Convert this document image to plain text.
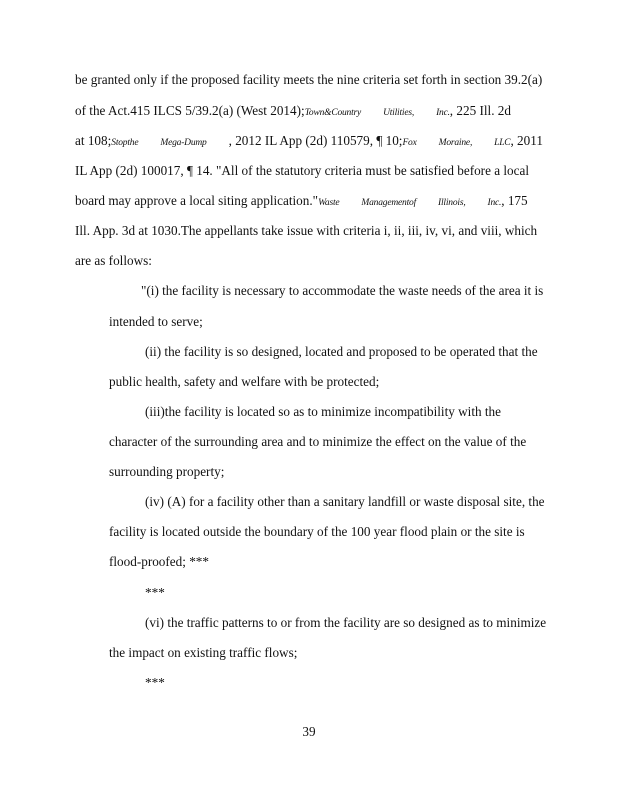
be granted only if the proposed facility meets the nine criteria set forth in section 39.2(a)
of the Act.415 ILCS 5/39.2(a) (West 2014);Town&Country Utilities, Inc., 225 Ill. 2d
at 108;Stopthe Mega-Dump , 2012 IL App (2d) 110579, ¶ 10;Fox Moraine, LLC, 2011
IL App (2d) 100017, ¶ 14. "All of the statutory criteria must be satisfied before a local
board may approve a local siting application."Waste Managementof Illinois, Inc., 175
Ill. App. 3d at 1030.The appellants take issue with criteria i, ii, iii, iv, vi, and viii, which
are as follows:
"(i) the facility is necessary to accommodate the waste needs of the area it is
intended to serve;
(ii) the facility is so designed, located and proposed to be operated that the
public health, safety and welfare with be protected;
(iii)the facility is located so as to minimize incompatibility with the
character of the surrounding area and to minimize the effect on the value of the
surrounding property;
(iv) (A) for a facility other than a sanitary landfill or waste disposal site, the
facility is located outside the boundary of the 100 year flood plain or the site is
flood-proofed; ***
***
(vi) the traffic patterns to or from the facility are so designed as to minimize
the impact on existing traffic flows;
***
39
